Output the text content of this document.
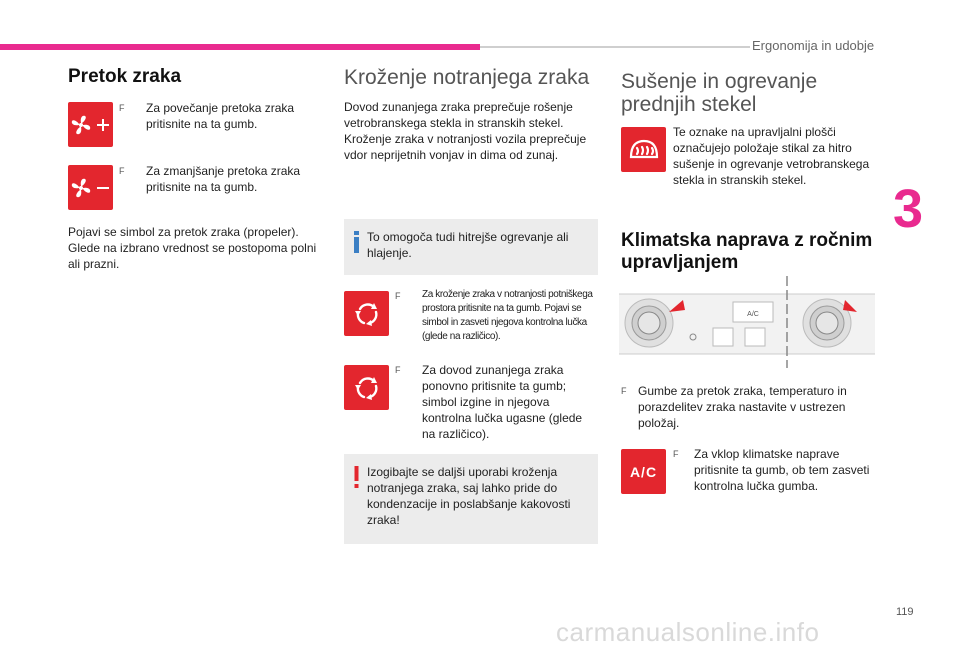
Ergonomija in udobje
3
Pretok zraka
F	Za povečanje pretoka zraka pritisnite na ta gumb.
F	Za zmanjšanje pretoka zraka pritisnite na ta gumb.

Pojavi se simbol za pretok zraka (propeler). Glede na izbrano vrednost se postopoma polni ali prazni.

Kroženje notranjega zraka

Dovod zunanjega zraka preprečuje rošenje vetrobranskega stekla in stranskih stekel. Kroženje zraka v notranjosti vozila preprečuje vdor neprijetnih vonjav in dima od zunaj.

To omogoča tudi hitrejše ogrevanje ali hlajenje.
F	Za kroženje zraka v notranjosti potniškega prostora pritisnite na ta gumb. Pojavi se simbol in zasveti njegova kontrolna lučka (glede na različico).
F	Za dovod zunanjega zraka ponovno pritisnite ta gumb; simbol izgine in njegova kontrolna lučka ugasne (glede na različico).
Izogibajte se daljši uporabi kroženja notranjega zraka, saj lahko pride do kondenzacije in poslabšanje kakovosti zraka!
Sušenje in ogrevanje prednjih stekel

Te oznake na upravljalni plošči označujejo položaje stikal za hitro sušenje in ogrevanje vetrobranskega stekla in stranskih stekel.

Klimatska naprava z ročnim upravljanjem
A/C
F Gumbe za pretok zraka, temperaturo in porazdelitev zraka nastavite v ustrezen položaj.
A/C
F	Za vklop klimatske naprave pritisnite ta gumb, ob tem zasveti kontrolna lučka gumba.
119
carmanualsonline.info
